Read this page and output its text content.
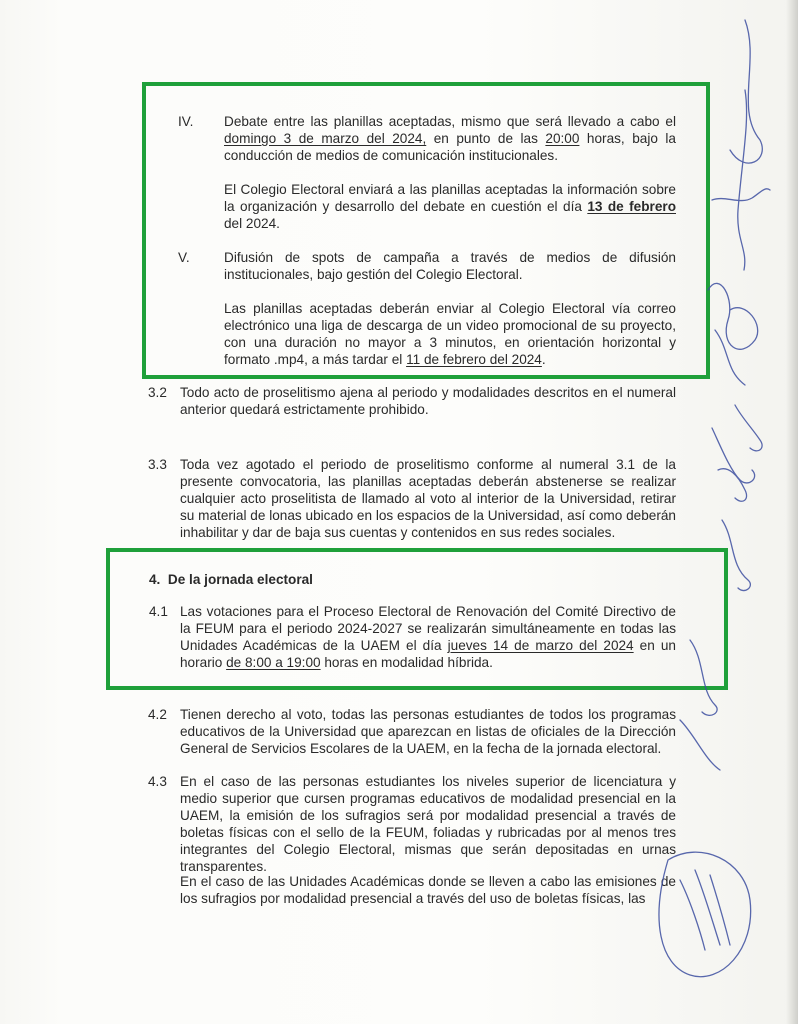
IV. Debate entre las planillas aceptadas, mismo que será llevado a cabo el domingo 3 de marzo del 2024, en punto de las 20:00 horas, bajo la conducción de medios de comunicación institucionales.

El Colegio Electoral enviará a las planillas aceptadas la información sobre la organización y desarrollo del debate en cuestión el día 13 de febrero del 2024.

V.	Difusión de spots de campaña a través de medios de difusión institucionales, bajo gestión del Colegio Electoral.

Las planillas aceptadas deberán enviar al Colegio Electoral vía correo electrónico una liga de descarga de un video promocional de su proyecto, con una duración no mayor a 3 minutos, en orientación horizontal y formato .mp4, a más tardar el 11 de febrero del 2024.

3.2 Todo acto de proselitismo ajena al periodo y modalidades descritos en el numeral anterior quedará estrictamente prohibido.

3.3 Toda vez agotado el periodo de proselitismo conforme al numeral 3.1 de la presente convocatoria, las planillas aceptadas deberán abstenerse se realizar cualquier acto proselitista de llamado al voto al interior de la Universidad, retirar su material de lonas ubicado en los espacios de la Universidad, así como deberán inhabilitar y dar de baja sus cuentas y contenidos en sus redes sociales.

4. De la jornada electoral
4.1 Las votaciones para el Proceso Electoral de Renovación del Comité Directivo de la FEUM para el periodo 2024-2027 se realizarán simultáneamente en todas las Unidades Académicas de la UAEM el día jueves 14 de marzo del 2024 en un horario de 8:00 a 19:00 horas en modalidad híbrida.

4.2 Tienen derecho al voto, todas las personas estudiantes de todos los programas educativos de la Universidad que aparezcan en listas de oficiales de la Dirección General de Servicios Escolares de la UAEM, en la fecha de la jornada electoral.

4.3 En el caso de las personas estudiantes los niveles superior de licenciatura y medio superior que cursen programas educativos de modalidad presencial en la UAEM, la emisión de los sufragios será por modalidad presencial a través de boletas físicas con el sello de la FEUM, foliadas y rubricadas por al menos tres integrantes del Colegio Electoral, mismas que serán depositadas en urnas transparentes.

En el caso de las Unidades Académicas donde se lleven a cabo las emisiones de los sufragios por modalidad presencial a través del uso de boletas físicas, las
